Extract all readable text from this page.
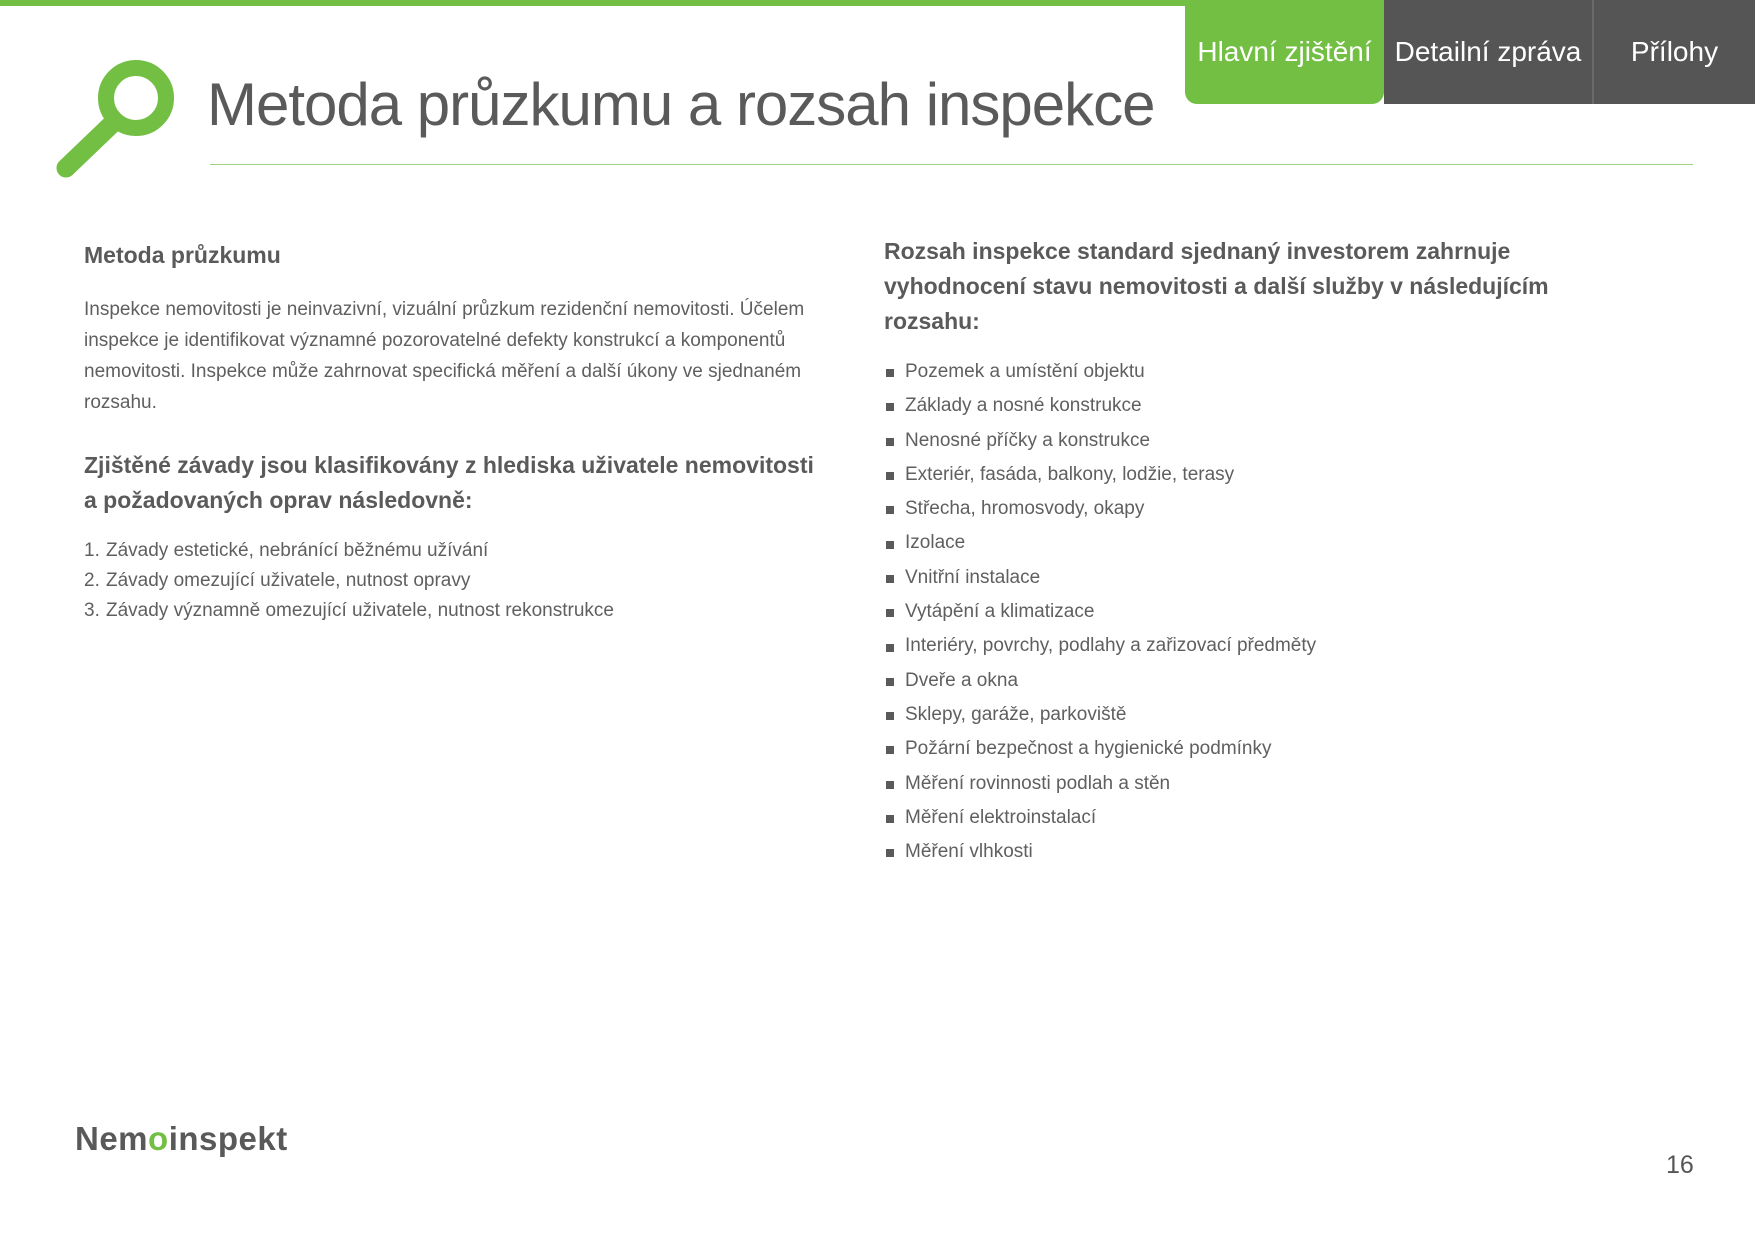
Hlavní zjištění Detailní zpráva	Přílohy
Metoda průzkumu a rozsah inspekce
Metoda průzkumu

Inspekce nemovitosti je neinvazivní, vizuální průzkum rezidenční nemovitosti. Účelem inspekce je identifikovat významné pozorovatelné defekty konstrukcí a komponentů nemovitosti. Inspekce může zahrnovat specifická měření a další úkony ve sjednaném rozsahu.

Zjištěné závady jsou klasifikovány z hlediska uživatele nemovitosti a požadovaných oprav následovně:
1. Závady estetické, nebránící běžnému užívání
2. Závady omezující uživatele, nutnost opravy
3. Závady významně omezující uživatele, nutnost rekonstrukce
Rozsah inspekce standard sjednaný investorem zahrnuje vyhodnocení stavu nemovitosti a další služby v následujícím rozsahu:
Pozemek a umístění objektu
Základy a nosné konstrukce
Nenosné příčky a konstrukce
Exteriér, fasáda, balkony, lodžie, terasy
Střecha, hromosvody, okapy
Izolace
Vnitřní instalace
Vytápění a klimatizace
Interiéry, povrchy, podlahy a zařizovací předměty
Dveře a okna
Sklepy, garáže, parkoviště
Požární bezpečnost a hygienické podmínky
Měření rovinnosti podlah a stěn
Měření elektroinstalací
Měření vlhkosti
Nemoinspekt
16
